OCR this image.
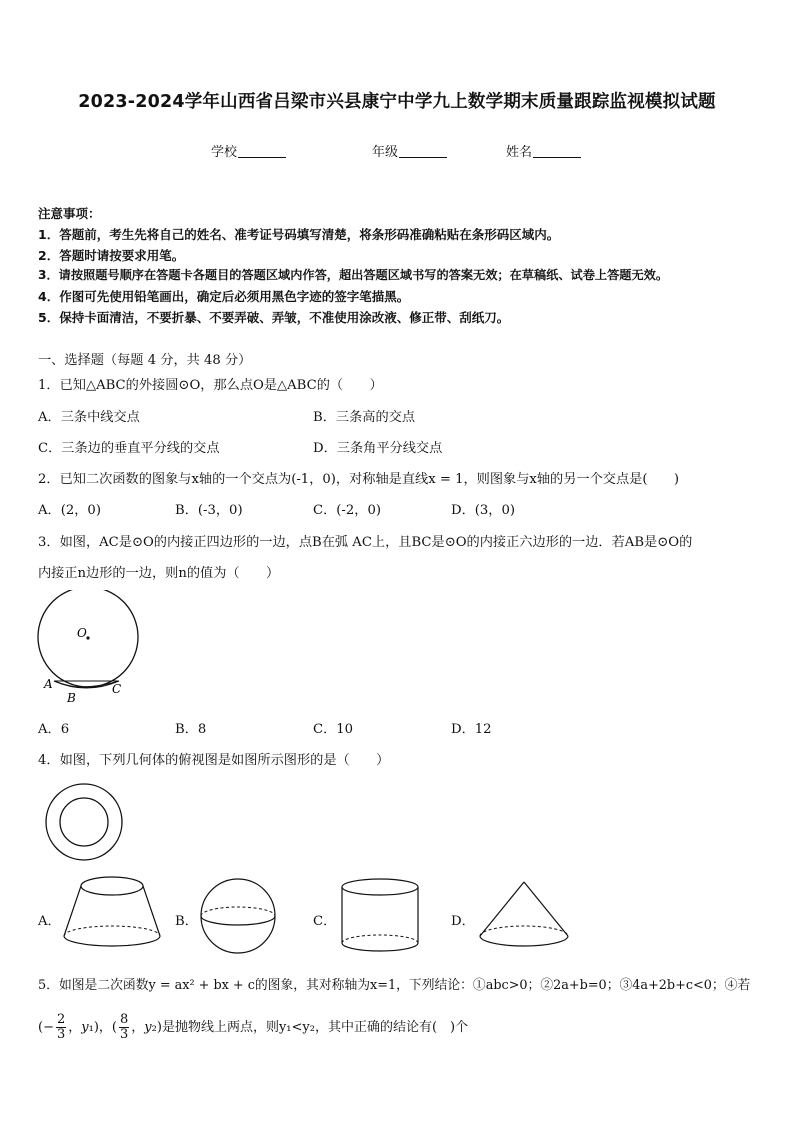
2023-2024学年山西省吕梁市兴县康宁中学九上数学期末质量跟踪监视模拟试题
学校	年级	姓名
注意事项：
1．答题前，考生先将自己的姓名、准考证号码填写清楚，将条形码准确粘贴在条形码区域内。
2．答题时请按要求用笔。
3．请按照题号顺序在答题卡各题目的答题区域内作答，超出答题区域书写的答案无效；在草稿纸、试卷上答题无效。
4．作图可先使用铅笔画出，确定后必须用黑色字迹的签字笔描黑。
5．保持卡面清洁，不要折暴、不要弄破、弄皱，不准使用涂改液、修正带、刮纸刀。
一、选择题（每题 4 分，共 48 分）
1．已知△ABC的外接圆⊙O，那么点O是△ABC的（　　）
A．三条中线交点	B．三条高的交点
C．三条边的垂直平分线的交点	D．三条角平分线交点
2．已知二次函数的图象与x轴的一个交点为(-1，0)，对称轴是直线x = 1，则图象与x轴的另一个交点是(　　)
A．(2，0)	B．(-3，0)	C．(-2，0)	D．(3，0)
3．如图，AC是⊙O的内接正四边形的一边，点B在弧 AC上，且BC是⊙O的内接正六边形的一边．若AB是⊙O的
内接正n边形的一边，则n的值为（　　）
O
A
B
C
A．6	B．8	C．10	D．12
4．如图，下列几何体的俯视图是如图所示图形的是（　　）
A．	B．	C．	D．
5．如图是二次函数y = ax² + bx + c的图象，其对称轴为x=1，下列结论：①abc>0；②2a+b=0；③4a+2b+c<0；④若
(− $\frac{2}{3}$ ，y₁)，( $\frac{8}{3}$ ，y₂)是抛物线上两点，则y₁<y₂，其中正确的结论有(　)个
